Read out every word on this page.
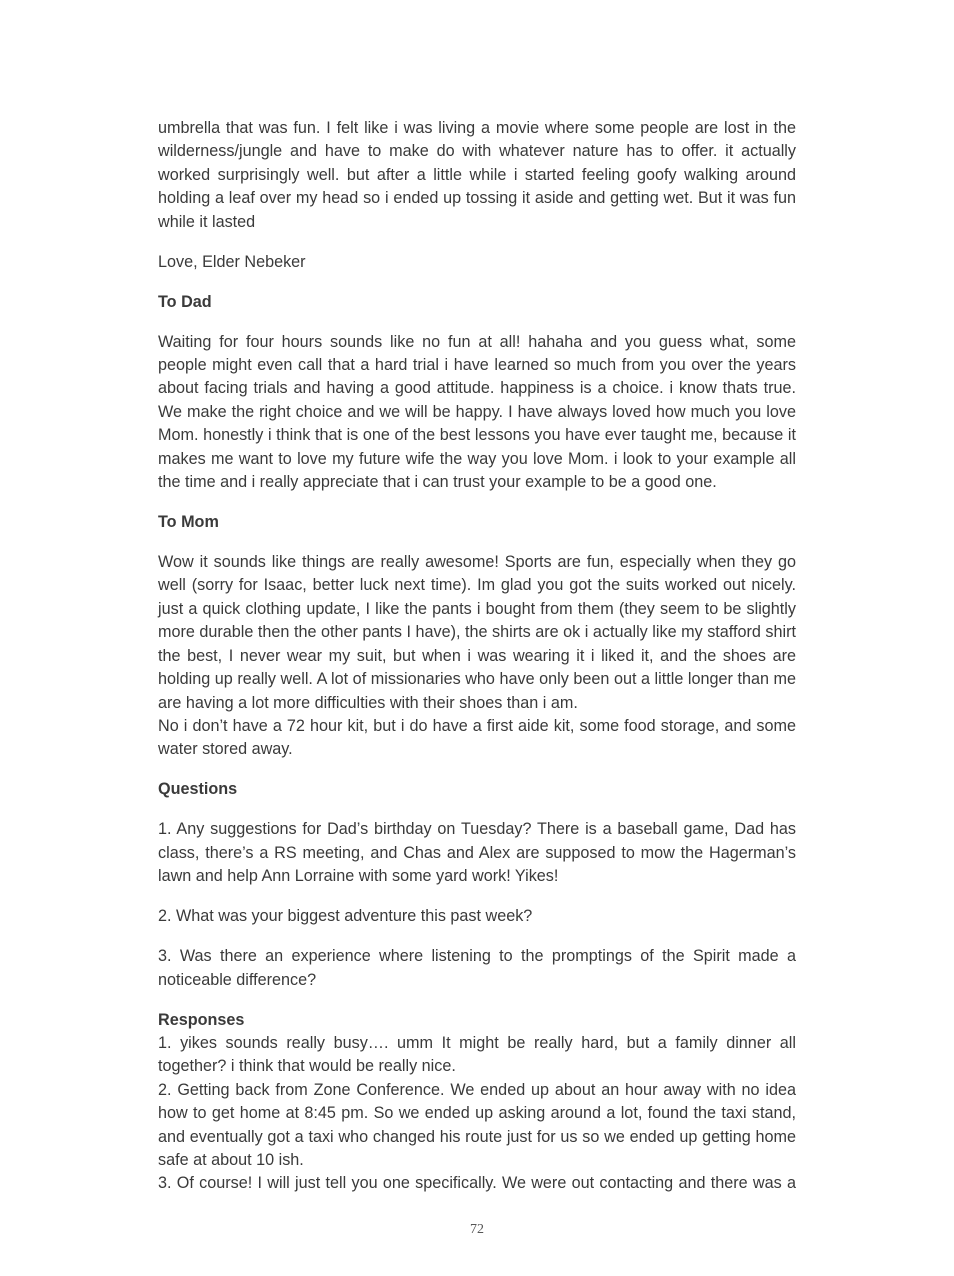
umbrella that was fun. I felt like i was living a movie where some people are lost in the wilderness/jungle and have to make do with whatever nature has to offer. it actually worked surprisingly well. but after a little while i started feeling goofy walking around holding a leaf over my head so i ended up tossing it aside and getting wet. But it was fun while it lasted

Love, Elder Nebeker

To Dad

Waiting for four hours sounds like no fun at all! hahaha and you guess what, some people might even call that a hard trial i have learned so much from you over the years about facing trials and having a good attitude. happiness is a choice. i know thats true. We make the right choice and we will be happy. I have always loved how much you love Mom. honestly i think that is one of the best lessons you have ever taught me, because it makes me want to love my future wife the way you love Mom. i look to your example all the time and i really appreciate that i can trust your example to be a good one.

To Mom

Wow it sounds like things are really awesome! Sports are fun, especially when they go well (sorry for Isaac, better luck next time). Im glad you got the suits worked out nicely. just a quick clothing update, I like the pants i bought from them (they seem to be slightly more durable then the other pants I have), the shirts are ok i actually like my stafford shirt the best, I never wear my suit, but when i was wearing it i liked it, and the shoes are holding up really well. A lot of missionaries who have only been out a little longer than me are having a lot more difficulties with their shoes than i am.

No i don’t have a 72 hour kit, but i do have a first aide kit, some food storage, and some water stored away.

Questions

1. Any suggestions for Dad’s birthday on Tuesday? There is a baseball game, Dad has class, there’s a RS meeting, and Chas and Alex are supposed to mow the Hagerman’s lawn and help Ann Lorraine with some yard work! Yikes!

2. What was your biggest adventure this past week?

3. Was there an experience where listening to the promptings of the Spirit made a noticeable difference?

Responses

1. yikes sounds really busy…. umm It might be really hard, but a family dinner all together? i think that would be really nice.

2. Getting back from Zone Conference. We ended up about an hour away with no idea how to get home at 8:45 pm. So we ended up asking around a lot, found the taxi stand, and eventually got a taxi who changed his route just for us so we ended up getting home safe at about 10 ish.

3. Of course! I will just tell you one specifically. We were out contacting and there was a

72
